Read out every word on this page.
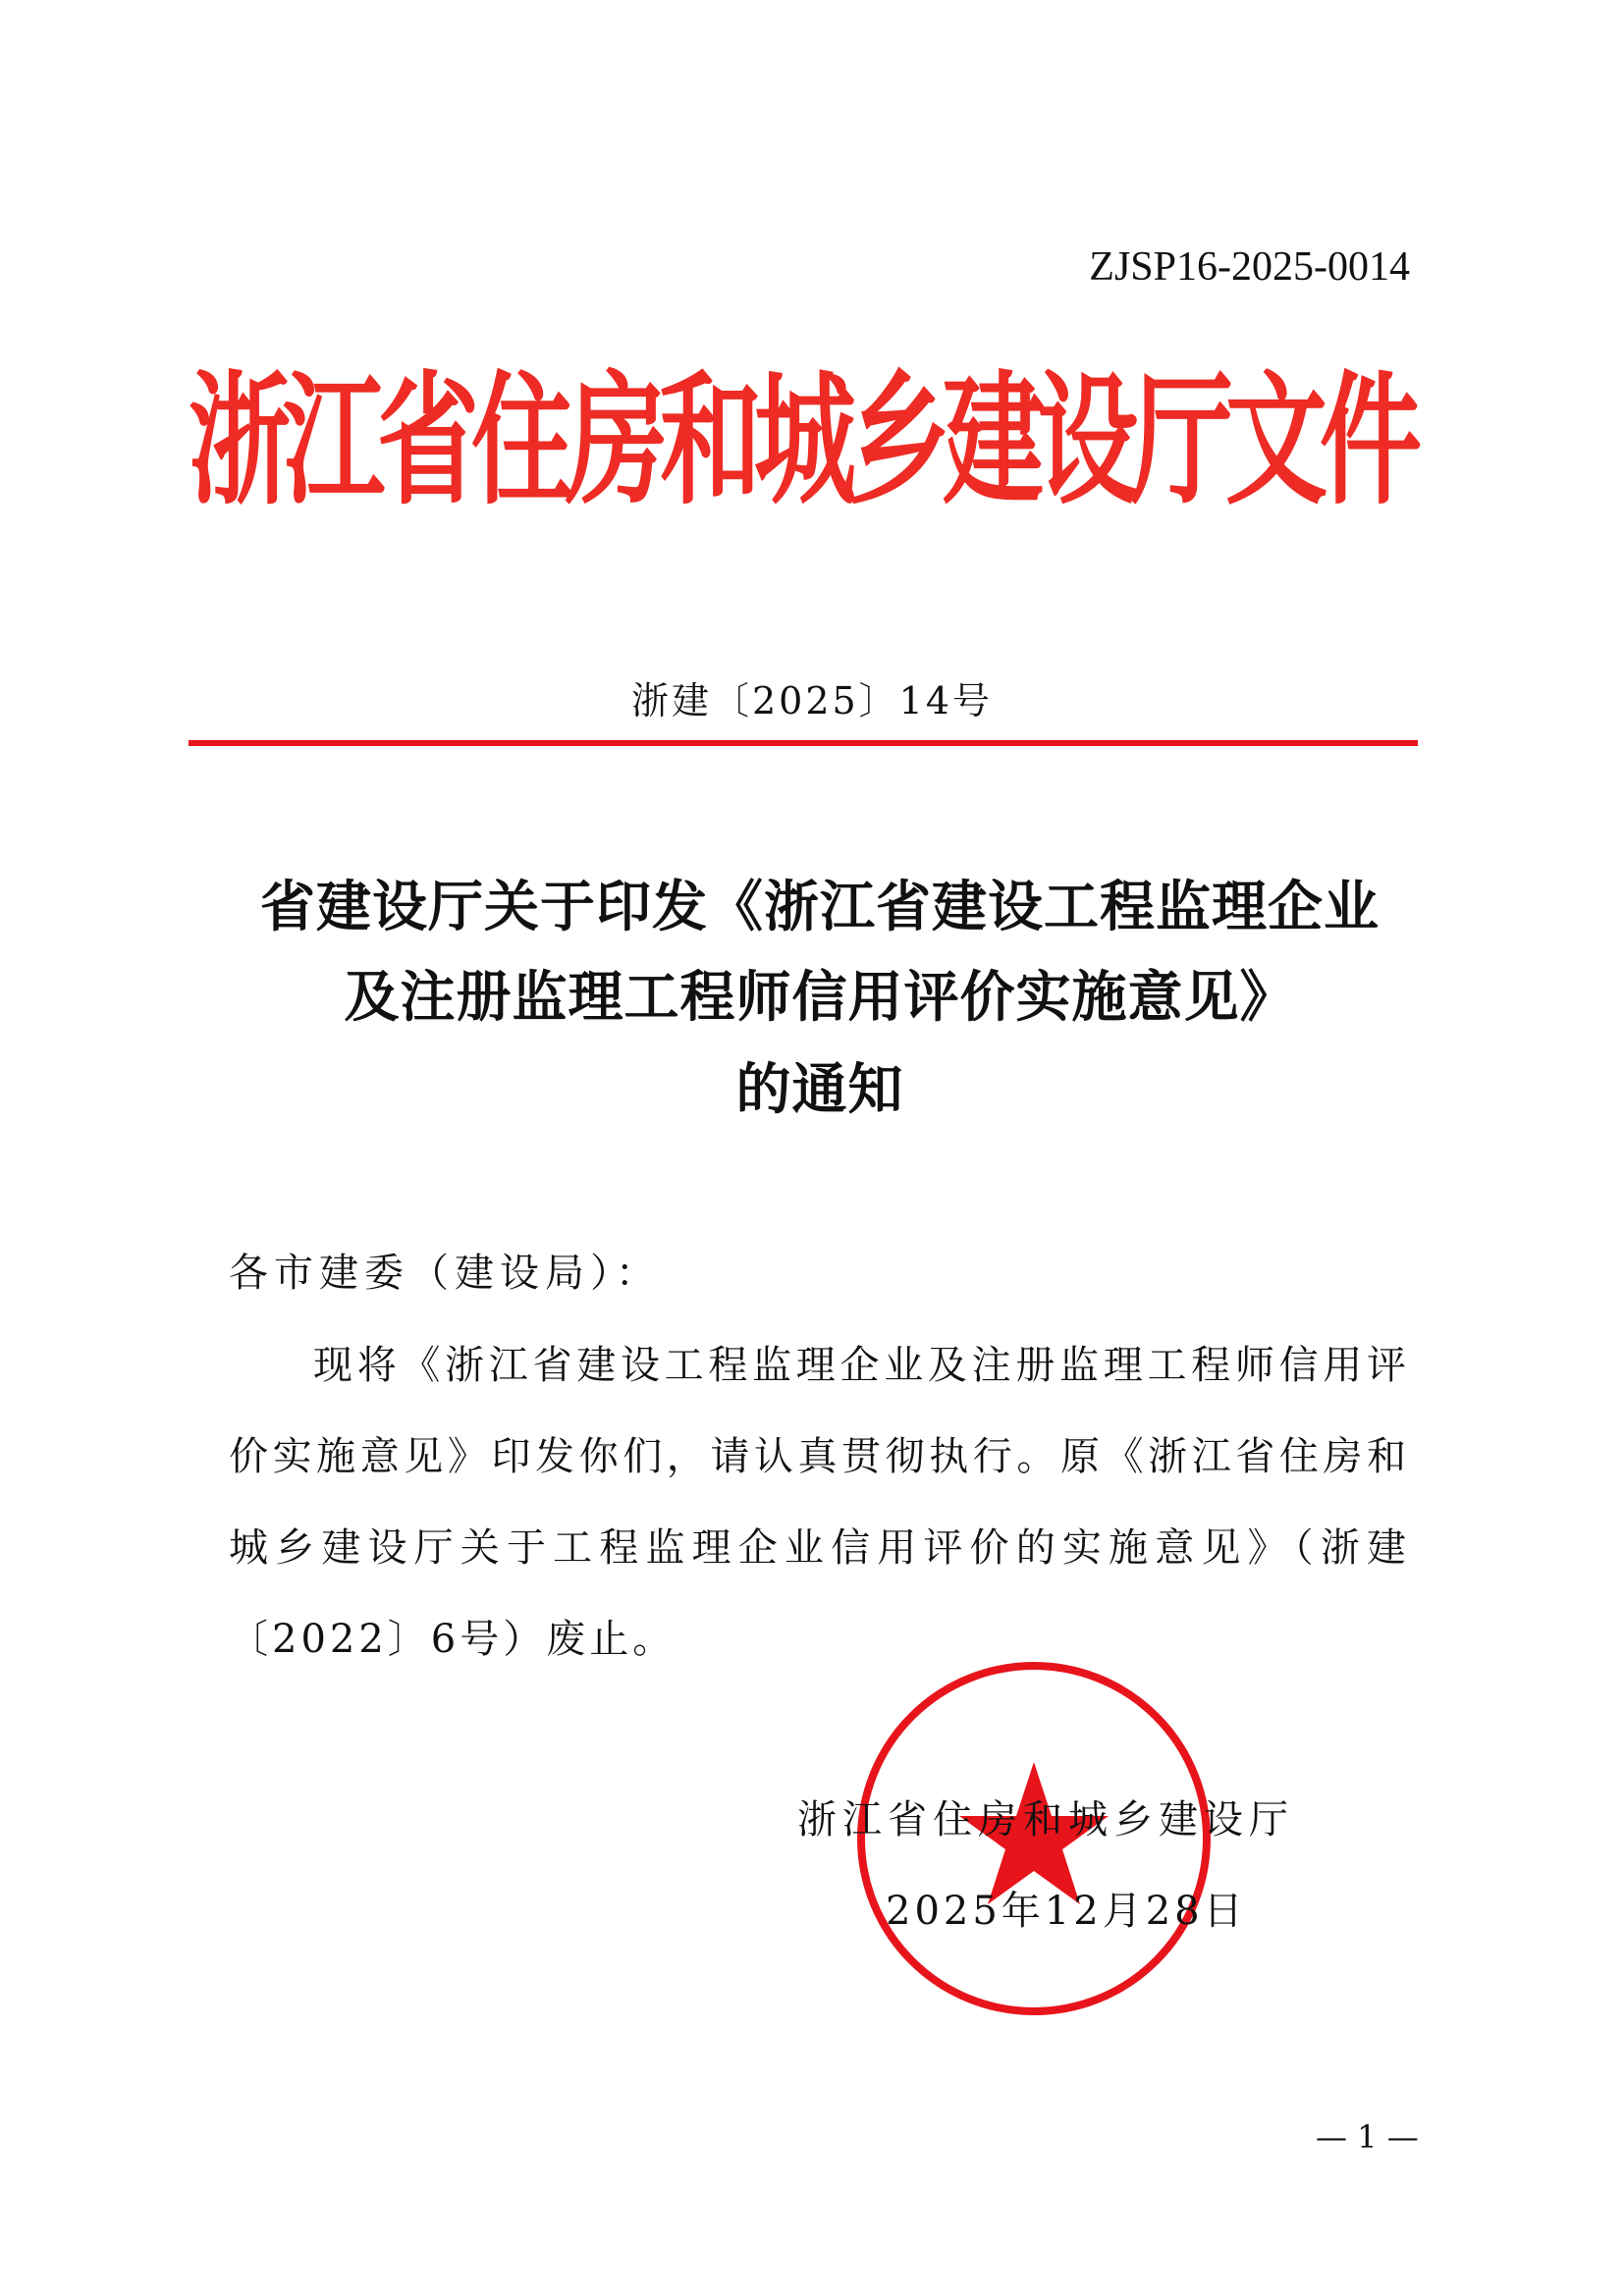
ZJSP16-2025-0014
浙江省住房和城乡建设厅文件
浙建〔2025〕14号
省建设厅关于印发《浙江省建设工程监理企业
及注册监理工程师信用评价实施意见》
的通知
各市建委（建设局）：
现将《浙江省建设工程监理企业及注册监理工程师信用评
价实施意见》印发你们，请认真贯彻执行。原《浙江省住房和
城乡建设厅关于工程监理企业信用评价的实施意见》（浙建
〔2022〕6号）废止。
浙江省住房和城乡建设厅
2025年12月28日
— 1 —
